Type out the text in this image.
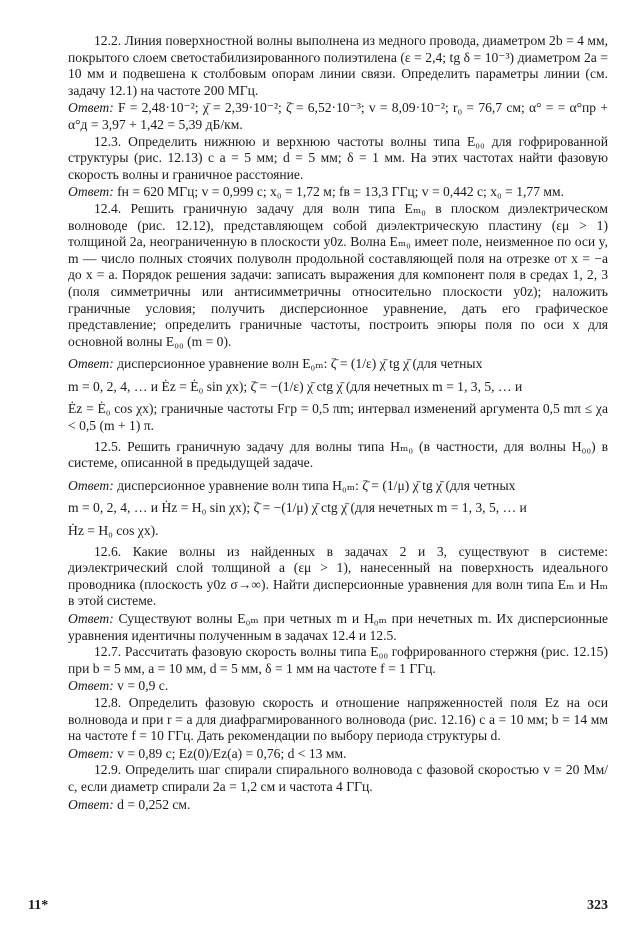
12.2. Линия поверхностной волны выполнена из медного провода, диаметром 2b = 4 мм, покрытого слоем светостабилизированного полиэтилена (ε = 2,4; tg δ = 10⁻³) диаметром 2a = 10 мм и подвешена к столбовым опорам линии связи. Определить параметры линии (см. задачу 12.1) на частоте 200 МГц.

Ответ: F = 2,48·10⁻²; χ̄ = 2,39·10⁻²; ζ̄ = 6,52·10⁻³; v = 8,09·10⁻²; r₀ = 76,7 см; α° = = α°пр + α°д = 3,97 + 1,42 = 5,39 дБ/км.

12.3. Определить нижнюю и верхнюю частоты волны типа E₀₀ для гофрированной структуры (рис. 12.13) с a = 5 мм; d = 5 мм; δ = 1 мм. На этих частотах найти фазовую скорость волны и граничное расстояние.

Ответ: fн = 620 МГц; v = 0,999 c; x₀ = 1,72 м; fв = 13,3 ГГц; v = 0,442 c; x₀ = 1,77 мм.

12.4. Решить граничную задачу для волн типа Eₘ₀ в плоском диэлектрическом волноводе (рис. 12.12), представляющем собой диэлектрическую пластину (εμ > 1) толщиной 2a, неограниченную в плоскости y0z. Волна Eₘ₀ имеет поле, неизменное по оси y, m — число полных стоячих полуволн продольной составляющей поля на отрезке от x = −a до x = a. Порядок решения задачи: записать выражения для компонент поля в средах 1, 2, 3 (поля симметричны или антисимметричны относительно плоскости y0z); наложить граничные условия; получить дисперсионное уравнение, дать его графическое представление; определить граничные частоты, построить эпюры поля по оси x для основной волны E₀₀ (m = 0).

Ответ: дисперсионное уравнение волн E₀ₘ: ζ̄ = (1/ε) χ̄ tg χ̄ (для четных

m = 0, 2, 4, … и Ėz = Ė₀ sin χx); ζ̄ = −(1/ε) χ̄ ctg χ̄ (для нечетных m = 1, 3, 5, … и

Ėz = Ė₀ cos χx); граничные частоты Fгр = 0,5 πm; интервал изменений аргумента 0,5 mπ ≤ χa < 0,5 (m + 1) π.

12.5. Решить граничную задачу для волны типа Hₘ₀ (в частности, для волны H₀₀) в системе, описанной в предыдущей задаче.

Ответ: дисперсионное уравнение волн типа H₀ₘ: ζ̄ = (1/μ) χ̄ tg χ̄ (для четных

m = 0, 2, 4, … и Ḣz = H₀ sin χx); ζ̄ = −(1/μ) χ̄ ctg χ̄ (для нечетных m = 1, 3, 5, … и

Ḣz = H₀ cos χx).

12.6. Какие волны из найденных в задачах 2 и 3, существуют в системе: диэлектрический слой толщиной a (εμ > 1), нанесенный на поверхность идеального проводника (плоскость y0z σ→∞). Найти дисперсионные уравнения для волн типа Eₘ и Hₘ в этой системе.

Ответ: Существуют волны E₀ₘ при четных m и H₀ₘ при нечетных m. Их дисперсионные уравнения идентичны полученным в задачах 12.4 и 12.5.

12.7. Рассчитать фазовую скорость волны типа E₀₀ гофрированного стержня (рис. 12.15) при b = 5 мм, a = 10 мм, d = 5 мм, δ = 1 мм на частоте f = 1 ГГц.

Ответ: v = 0,9 c.

12.8. Определить фазовую скорость и отношение напряженностей поля Ez на оси волновода и при r = a для диафрагмированного волновода (рис. 12.16) с a = 10 мм; b = 14 мм на частоте f = 10 ГГц. Дать рекомендации по выбору периода структуры d.

Ответ: v = 0,89 c; Ez(0)/Ez(a) = 0,76; d < 13 мм.

12.9. Определить шаг спирали спирального волновода с фазовой скоростью v = 20 Мм/с, если диаметр спирали 2a = 1,2 см и частота 4 ГГц.

Ответ: d = 0,252 см.

11*	323
